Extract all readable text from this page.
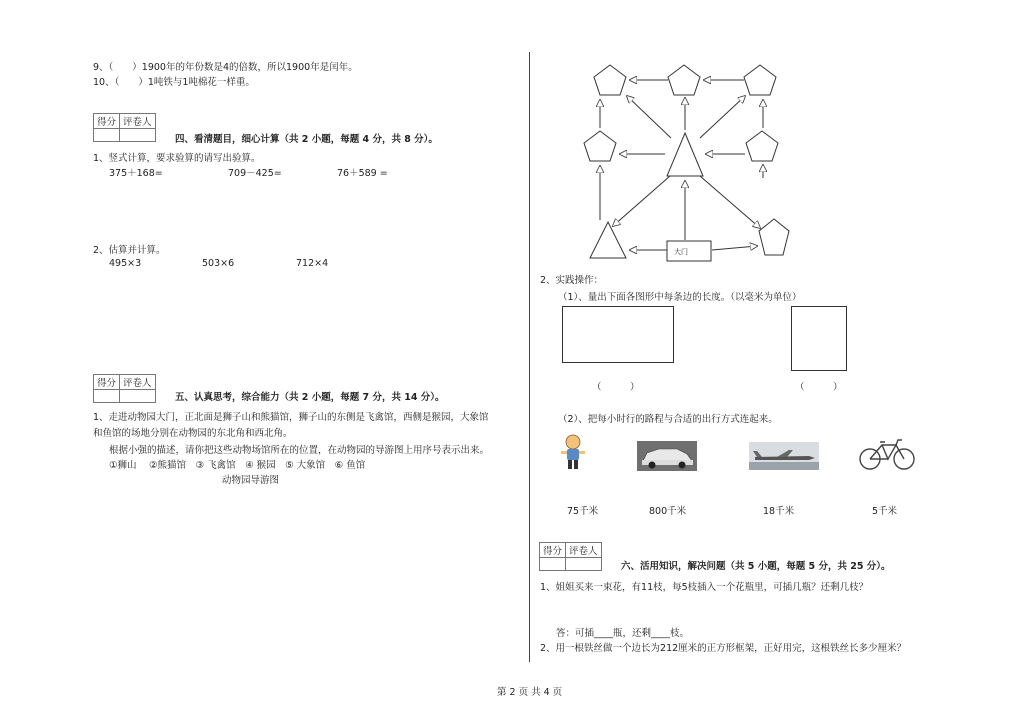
9、（　　）1900年的年份数是4的倍数，所以1900年是闰年。
10、（　　）1吨铁与1吨棉花一样重。
得分	评卷人

四、看清题目，细心计算（共 2 小题，每题 4 分，共 8 分）。
1、竖式计算，要求验算的请写出验算。
375＋168=	709－425=	76＋589 =
2、估算并计算。
495×3	503×6	712×4
得分	评卷人

五、认真思考，综合能力（共 2 小题，每题 7 分，共 14 分）。
1、走进动物园大门，正北面是狮子山和熊猫馆，狮子山的东侧是飞禽馆，西侧是猴园，大象馆
和鱼馆的场地分别在动物园的东北角和西北角。
根据小强的描述，请你把这些动物场馆所在的位置，在动物园的导游图上用序号表示出来。
①狮山　 ②熊猫馆　③ 飞禽馆　④ 猴园　⑤ 大象馆　⑥ 鱼馆
动物园导游图
大门
2、实践操作：
（1）、量出下面各图形中每条边的长度。（以毫米为单位）
（　　　）	（　　　）
（2）、把每小时行的路程与合适的出行方式连起来。
75千米	800千米	18千米	5千米
得分	评卷人

六、活用知识，解决问题（共 5 小题，每题 5 分，共 25 分）。
1、姐姐买来一束花，有11枝，每5枝插入一个花瓶里，可插几瓶？还剩几枝？
答：可插____瓶，还剩____枝。
2、用一根铁丝做一个边长为212厘米的正方形框架，正好用完，这根铁丝长多少厘米？
第 2 页 共 4 页
